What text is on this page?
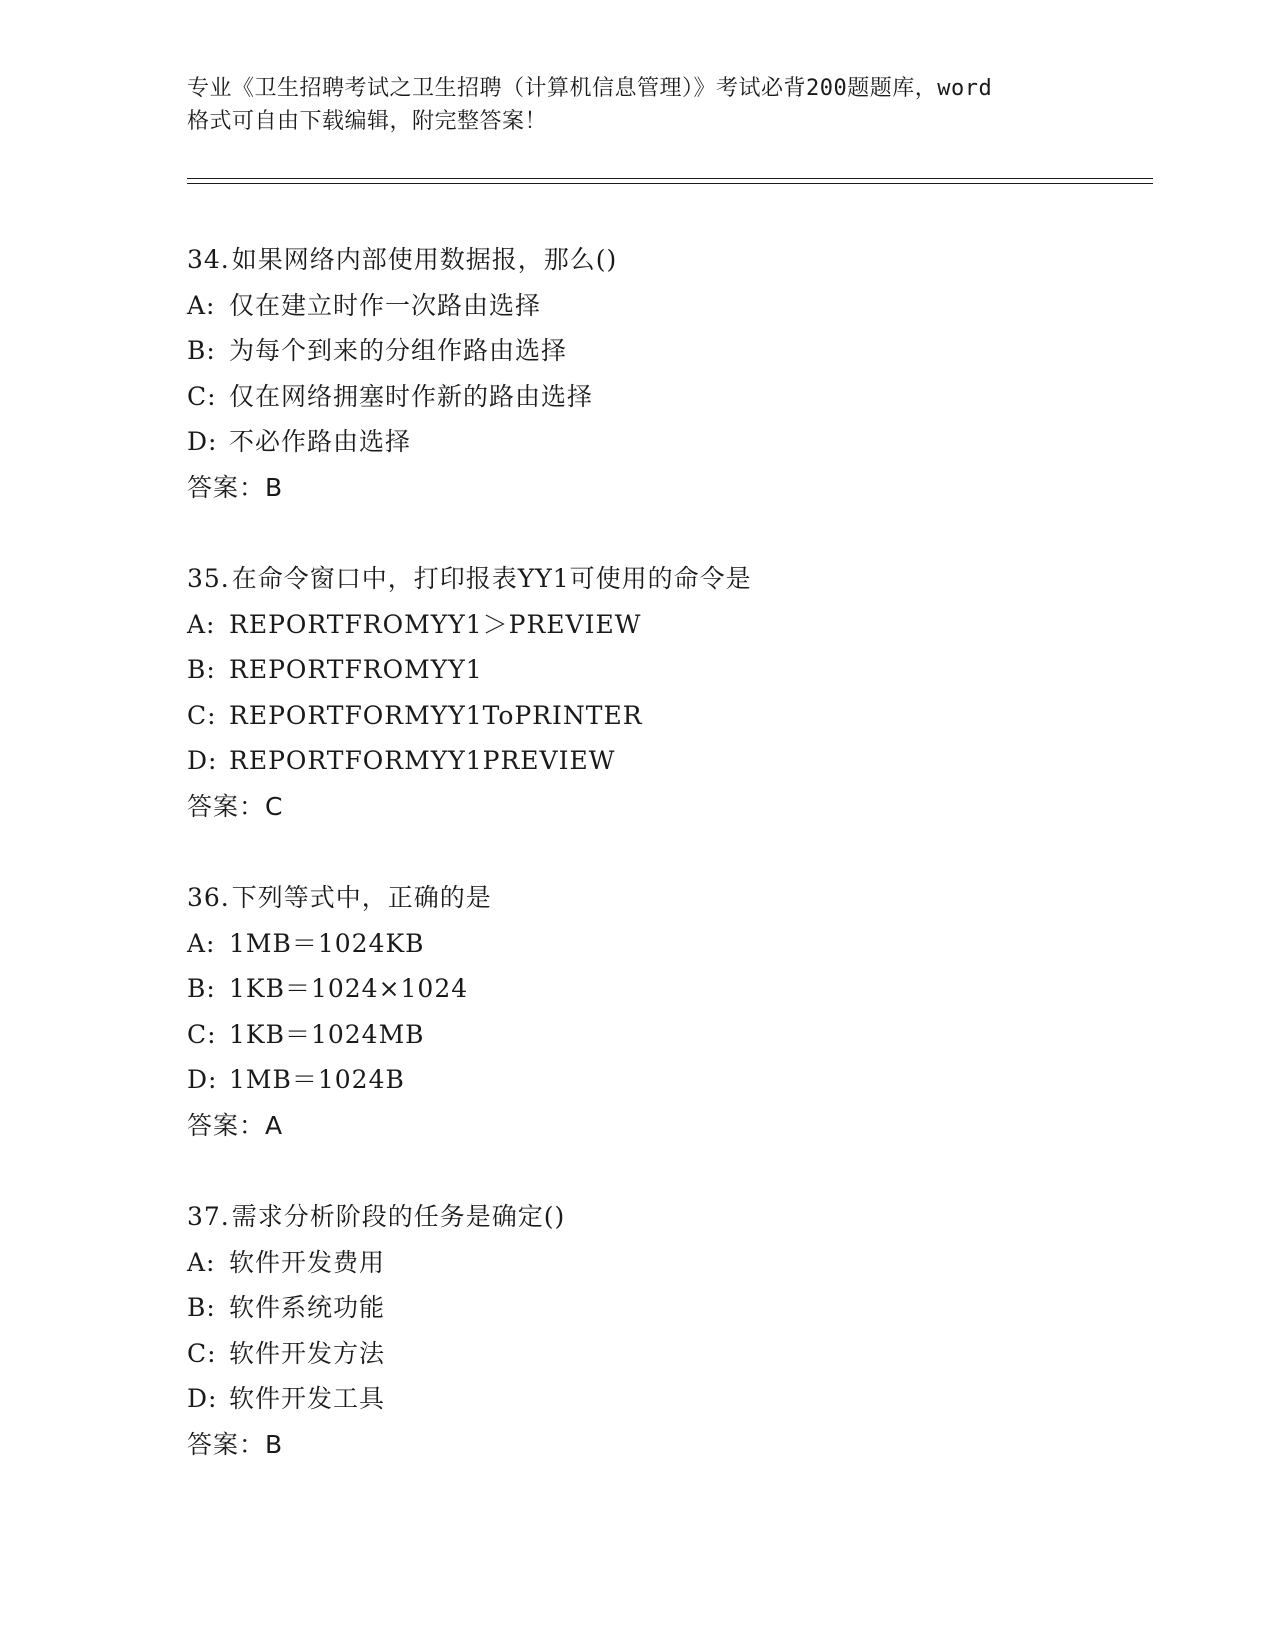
专业《卫生招聘考试之卫生招聘（计算机信息管理）》考试必背200题题库，word
格式可自由下载编辑，附完整答案！
34.如果网络内部使用数据报，那么()
A: 仅在建立时作一次路由选择
B: 为每个到来的分组作路由选择
C: 仅在网络拥塞时作新的路由选择
D: 不必作路由选择
答案：B
35.在命令窗口中，打印报表YY1可使用的命令是
A: REPORTFROMYY1＞PREVIEW
B: REPORTFROMYY1
C: REPORTFORMYY1ToPRINTER
D: REPORTFORMYY1PREVIEW
答案：C
36.下列等式中，正确的是
A: 1MB＝1024KB
B: 1KB＝1024×1024
C: 1KB＝1024MB
D: 1MB＝1024B
答案：A
37.需求分析阶段的任务是确定()
A: 软件开发费用
B: 软件系统功能
C: 软件开发方法
D: 软件开发工具
答案：B
